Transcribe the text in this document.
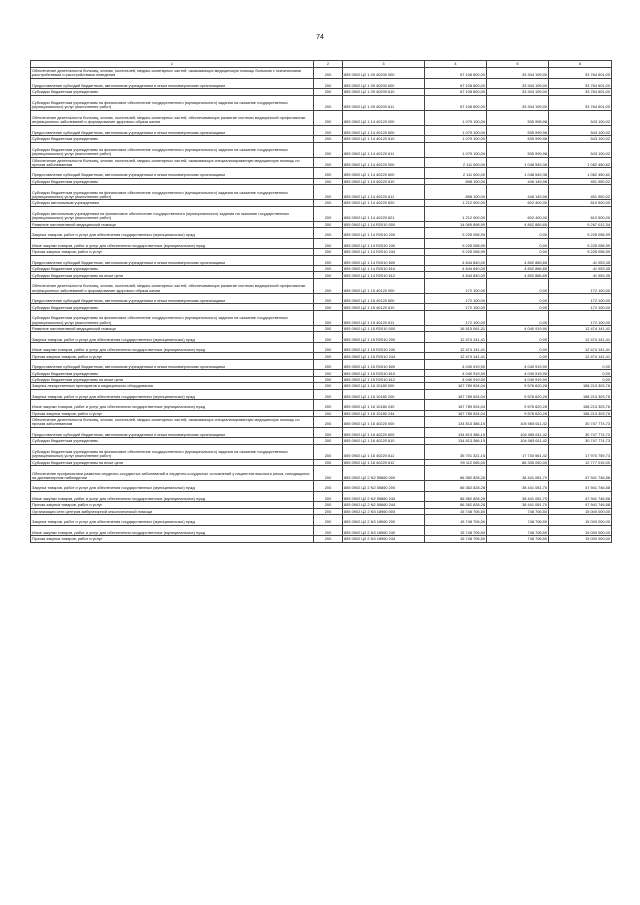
74
1	2	3	4	5	6
Обеспечение деятельности больниц, клиник, госпиталей, медико-санитарных частей, оказывающих медицинскую помощь больным с психическими расстройствами и расстройствами поведения	200	855 0902 Ц2 1 09 40200 000	67 108 800,00	33 344 199,00	33 764 601,00
Предоставление субсидий бюджетным, автономным учреждениям и иным некоммерческим организациям	200	855 0902 Ц2 1 09 40200 600	67 108 800,00	33 344 199,00	33 764 601,00
Субсидии бюджетным учреждениям	200	855 0902 Ц2 1 09 40200 610	67 108 800,00	33 344 199,00	33 764 601,00
Субсидии бюджетным учреждениям на финансовое обеспечение государственного (муниципального) задания на оказание государственных (муниципальных) услуг (выполнение работ)	200	855 0902 Ц2 1 09 40200 611	67 108 800,00	33 344 199,00	33 764 601,00
Обеспечение деятельности больниц, клиник, госпиталей, медико-санитарных частей, обеспечивающих развитие системы медицинской профилактики инфекционных заболеваний и формирование здорового образа жизни	200	855 0902 Ц2 1 14 40120 000	1 079 100,00	535 998,98	543 100,02
Предоставление субсидий бюджетным, автономным учреждениям и иным некоммерческим организациям	200	855 0902 Ц2 1 14 40120 600	1 079 100,00	535 999,98	543 100,02
Субсидии бюджетным учреждениям	200	855 0902 Ц2 1 14 40120 610	1 079 100,00	535 999,98	543 100,02
Субсидии бюджетным учреждениям на финансовое обеспечение государственного (муниципального) задания на оказание государственных (муниципальных) услуг (выполнение работ)	200	855 0902 Ц2 1 14 40120 611	1 079 100,00	535 999,98	543 100,02
Обеспечение деятельности больниц, клиник, госпиталей, медико-санитарных частей, оказывающих специализированную медицинскую помощь по прочим заболеваниям	200	855 0902 Ц2 1 14 40220 000	2 111 000,00	1 048 549,38	1 062 450,62
Предоставление субсидий бюджетным, автономным учреждениям и иным некоммерческим организациям	200	855 0902 Ц2 1 14 40220 600	2 111 000,00	1 048 549,38	1 062 450,62
Субсидии бюджетным учреждениям	200	855 0902 Ц2 1 14 40220 610	898 100,00	446 149,98	451 950,02
Субсидии бюджетным учреждениям на финансовое обеспечение государственного (муниципального) задания на оказание государственных (муниципальных) услуг (выполнение работ)	200	855 0902 Ц2 1 14 40220 611	898 100,00	446 149,98	451 950,02
Субсидии автономным учреждениям	200	855 0902 Ц2 1 14 40220 620	1 212 900,00	602 400,00	610 500,00
Субсидии автономным учреждениям на финансовое обеспечение государственного (муниципального) задания на оказание государственных (муниципальных) услуг (выполнение работ)	200	855 0902 Ц2 1 14 40220 621	1 212 900,00	602 400,00	610 500,00
Развитие паллиативной медицинской помощи	200	855 0902 Ц2 1 14 R2010 000	14 069 898,99	4 802 885,65	9 267 012,34
Закупка товаров, работ и услуг для обеспечения государственных (муниципальных) нужд	200	855 0902 Ц2 1 14 R2010 200	9 225 058,99	0,00	9 225 058,99
Иные закупки товаров, работ и услуг для обеспечения государственных (муниципальных) нужд	200	855 0902 Ц2 1 14 R2010 240	9 225 058,99	0,00	9 225 058,99
Прочая закупка товаров, работ и услуг	200	855 0902 Ц2 1 14 R2010 244	9 225 058,99	0,00	9 225 058,99
Предоставление субсидий бюджетным, автономным учреждениям и иным некоммерческим организациям	200	855 0902 Ц2 1 14 R2010 600	4 844 840,00	4 802 885,65	41 953,35
Субсидии бюджетным учреждениям	200	855 0902 Ц2 1 14 R2010 610	4 844 840,00	4 802 886,65	41 953,35
Субсидии бюджетным учреждениям на иные цели	200	855 0902 Ц2 1 14 R2010 612	4 844 840,00	4 802 886,65	41 953,35
Обеспечение деятельности больниц, клиник, госпиталей, медико-санитарных частей, обеспечивающих развитие системы медицинской профилактики инфекционных заболеваний и формирование здорового образа жизни	200	855 0902 Ц2 1 15 40120 000	172 100,00	0,00	172 100,00
Предоставление субсидий бюджетным, автономным учреждениям и иным некоммерческим организациям	200	855 0902 Ц2 1 15 40120 600	172 100,00	0,00	172 100,00
Субсидии бюджетным учреждениям	200	855 0902 Ц2 1 15 40120 610	172 100,00	0,00	172 100,00
Субсидии бюджетным учреждениям на финансовое обеспечение государственного (муниципального) задания на оказание государственных (муниципальных) услуг (выполнение работ)	200	855 0902 Ц2 1 15 40120 611	172 100,00	0,00	172 100,00
Развитие паллиативной медицинской помощи	200	855 0902 Ц2 1 15 R2010 000	16 515 061,31	4 040 919,90	12 474 141,41
Закупка товаров, работ и услуг для обеспечения государственных (муниципальных) нужд	200	855 0902 Ц2 1 15 R2010 200	12 474 141,41	0,00	12 474 141,41
Иные закупки товаров, работ и услуг для обеспечения государственных (муниципальных) нужд	200	855 0902 Ц2 1 15 R2010 240	12 474 141,41	0,00	12 474 141,41
Прочая закупка товаров, работ и услуг	200	855 0902 Ц2 1 15 R2010 244	12 474 141,41	0,00	12 474 141,41
Предоставление субсидий бюджетным, автономным учреждениям и иным некоммерческим организациям	200	855 0902 Ц2 1 15 R2010 600	4 040 919,90	4 040 919,90	0,00
Субсидии бюджетным учреждениям	200	855 0902 Ц2 1 15 R2010 610	4 040 919,90	4 040 919,90	0,00
Субсидии бюджетным учреждениям на иные цели	200	855 0902 Ц2 1 15 R2010 612	4 040 919,90	4 040 919,90	0,00
Закупка лекарственных препаратов и медицинского оборудования	200	855 0902 Ц2 1 16 10180 000	167 789 924,04	9 576 620,28	158 213 303,76
Закупка товаров, работ и услуг для обеспечения государственных (муниципальных) нужд	200	855 0902 Ц2 1 16 10180 200	167 789 924,04	9 576 620,28	158 213 303,76
Иные закупки товаров, работ и услуг для обеспечения государственных (муниципальных) нужд	200	855 0902 Ц2 1 16 10180 240	167 789 924,04	9 576 620,28	158 213 303,76
Прочая закупка товаров, работ и услуг	200	855 0902 Ц2 1 16 10180 244	167 789 924,04	9 576 620,28	158 213 303,76
Обеспечение деятельности больниц, клиник, госпиталей, медико-санитарных частей, оказывающих специализированную медицинскую помощь по прочим заболеваниям	200	855 0902 Ц2 1 16 40220 000	134 813 386,15	104 065 611,42	30 747 774,73
Предоставление субсидий бюджетным, автономным учреждениям и иным некоммерческим организациям	200	855 0902 Ц2 1 16 40220 600	134 813 386,15	104 065 611,42	30 747 774,73
Субсидии бюджетным учреждениям	200	855 0902 Ц2 1 16 40220 610	134 813 386,15	104 065 611,42	30 747 774,73
Субсидии бюджетным учреждениям на финансовое обеспечение государственного (муниципального) задания на оказание государственных (муниципальных) услуг (выполнение работ)	200	855 0902 Ц2 1 16 40220 611	35 701 321,15	17 730 561,42	17 970 759,73
Субсидии бюджетным учреждениям на иные цели	200	855 0902 Ц2 1 16 40220 612	99 112 065,00	86 335 050,00	12 777 015,00
Обеспечение профилактики развития сердечно-сосудистых заболеваний и сердечно-сосудистых осложнений у пациентов высокого риска, находящихся на диспансерном наблюдении	200	855 0902 Ц2 2 N2 55860 000	86 382 828,28	38 441 081,70	47 941 746,58
Закупка товаров, работ и услуг для обеспечения государственных (муниципальных) нужд	200	855 0902 Ц2 2 N2 55860 200	86 382 828,28	38 441 081,70	47 941 746,58
Иные закупки товаров, работ и услуг для обеспечения государственных (муниципальных) нужд	200	855 0902 Ц2 2 N2 55860 240	86 382 828,28	38 441 081,70	47 941 746,58
Прочая закупка товаров, работ и услуг	200	855 0902 Ц2 2 N2 55860 244	86 382 828,28	38 441 081,70	47 941 746,58
Организация сети центров амбулаторной онкологической помощи	200	855 0902 Ц2 2 N3 18960 000	15 748 706,50	748 706,50	15 000 000,00
Закупка товаров, работ и услуг для обеспечения государственных (муниципальных) нужд	200	855 0902 Ц2 2 N3 18960 200	15 748 706,50	748 706,50	15 000 000,00
Иные закупки товаров, работ и услуг для обеспечения государственных (муниципальных) нужд	200	855 0902 Ц2 2 N3 18960 240	15 748 706,50	748 706,50	15 000 000,00
Прочая закупка товаров, работ и услуг	200	855 0902 Ц2 2 N3 18960 244	15 748 706,50	748 706,50	15 000 000,00
